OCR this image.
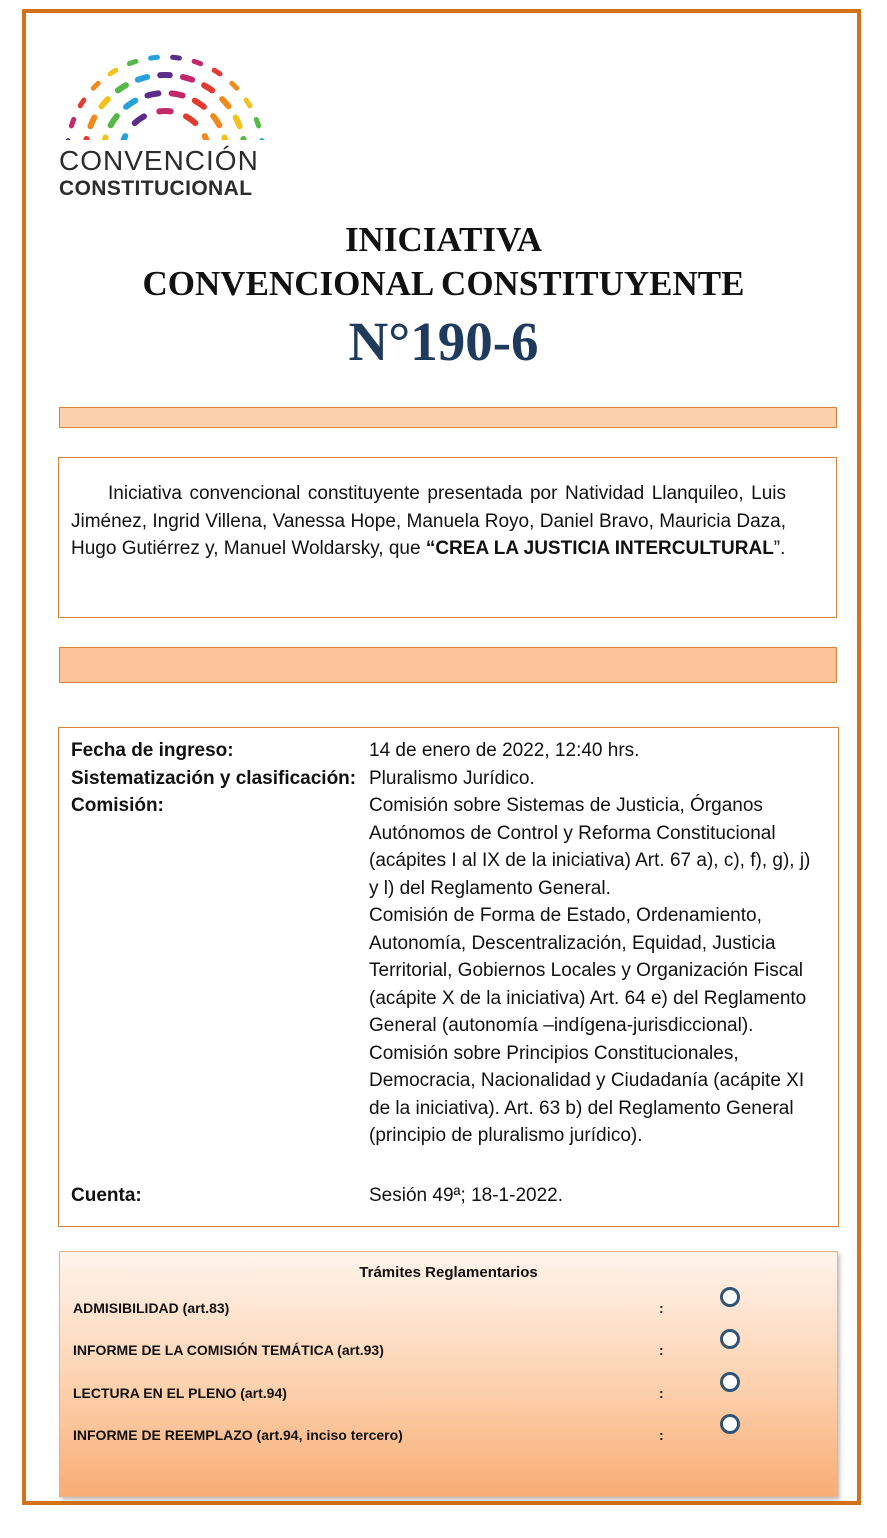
CONVENCIÓN
CONSTITUCIONAL
INICIATIVA
CONVENCIONAL CONSTITUYENTE
N°190-6

Iniciativa convencional constituyente presentada por Natividad Llanquileo, Luis Jiménez, Ingrid Villena, Vanessa Hope, Manuela Royo, Daniel Bravo, Mauricia Daza, Hugo Gutiérrez y, Manuel Woldarsky, que “CREA LA JUSTICIA INTERCULTURAL”.

Fecha de ingreso:	14 de enero de 2022, 12:40 hrs.
Sistematización y clasificación: Pluralismo Jurídico.
Comisión:	Comisión sobre Sistemas de Justicia, Órganos Autónomos de Control y Reforma Constitucional (acápites I al IX de la iniciativa) Art. 67 a), c), f), g), j) y l) del Reglamento General.

Comisión de Forma de Estado, Ordenamiento, Autonomía, Descentralización, Equidad, Justicia Territorial, Gobiernos Locales y Organización Fiscal (acápite X de la iniciativa) Art. 64 e) del Reglamento General (autonomía –indígena-jurisdiccional).

Comisión sobre Principios Constitucionales, Democracia, Nacionalidad y Ciudadanía (acápite XI de la iniciativa). Art. 63 b) del Reglamento General (principio de pluralismo jurídico).

Cuenta:	Sesión 49ª; 18-1-2022.
Trámites Reglamentarios
ADMISIBILIDAD (art.83)	:
INFORME DE LA COMISIÓN TEMÁTICA (art.93)	:
LECTURA EN EL PLENO (art.94)	:
INFORME DE REEMPLAZO (art.94, inciso tercero)	:
